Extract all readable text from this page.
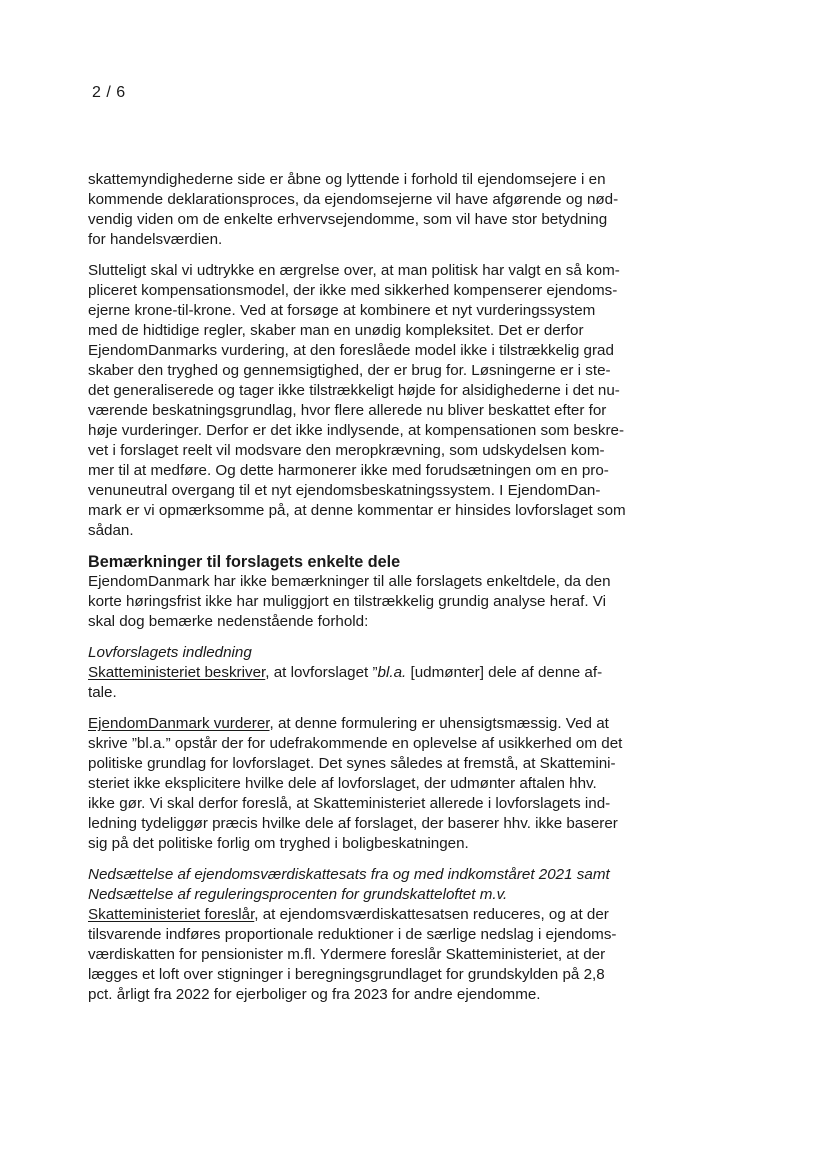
2 / 6
skattemyndighederne side er åbne og lyttende i forhold til ejendomsejere i en
kommende deklarationsproces, da ejendomsejerne vil have afgørende og nød-
vendig viden om de enkelte erhvervsejendomme, som vil have stor betydning
for handelsværdien.
Slutteligt skal vi udtrykke en ærgrelse over, at man politisk har valgt en så kom-
pliceret kompensationsmodel, der ikke med sikkerhed kompenserer ejendoms-
ejerne krone-til-krone. Ved at forsøge at kombinere et nyt vurderingssystem
med de hidtidige regler, skaber man en unødig kompleksitet. Det er derfor
EjendomDanmarks vurdering, at den foreslåede model ikke i tilstrækkelig grad
skaber den tryghed og gennemsigtighed, der er brug for. Løsningerne er i ste-
det generaliserede og tager ikke tilstrækkeligt højde for alsidighederne i det nu-
værende beskatningsgrundlag, hvor flere allerede nu bliver beskattet efter for
høje vurderinger. Derfor er det ikke indlysende, at kompensationen som beskre-
vet i forslaget reelt vil modsvare den meropkrævning, som udskydelsen kom-
mer til at medføre. Og dette harmonerer ikke med forudsætningen om en pro-
venuneutral overgang til et nyt ejendomsbeskatningssystem. I EjendomDan-
mark er vi opmærksomme på, at denne kommentar er hinsides lovforslaget som
sådan.
Bemærkninger til forslagets enkelte dele
EjendomDanmark har ikke bemærkninger til alle forslagets enkeltdele, da den
korte høringsfrist ikke har muliggjort en tilstrækkelig grundig analyse heraf. Vi
skal dog bemærke nedenstående forhold:
Lovforslagets indledning
Skatteministeriet beskriver, at lovforslaget ”bl.a. [udmønter] dele af denne af-
tale.
EjendomDanmark vurderer, at denne formulering er uhensigtsmæssig. Ved at
skrive ”bl.a.” opstår der for udefrakommende en oplevelse af usikkerhed om det
politiske grundlag for lovforslaget. Det synes således at fremstå, at Skattemini-
steriet ikke eksplicitere hvilke dele af lovforslaget, der udmønter aftalen hhv.
ikke gør. Vi skal derfor foreslå, at Skatteministeriet allerede i lovforslagets ind-
ledning tydeliggør præcis hvilke dele af forslaget, der baserer hhv. ikke baserer
sig på det politiske forlig om tryghed i boligbeskatningen.
Nedsættelse af ejendomsværdiskattesats fra og med indkomståret 2021 samt
Nedsættelse af reguleringsprocenten for grundskatteloftet m.v.
Skatteministeriet foreslår, at ejendomsværdiskattesatsen reduceres, og at der
tilsvarende indføres proportionale reduktioner i de særlige nedslag i ejendoms-
værdiskatten for pensionister m.fl. Ydermere foreslår Skatteministeriet, at der
lægges et loft over stigninger i beregningsgrundlaget for grundskylden på 2,8
pct. årligt fra 2022 for ejerboliger og fra 2023 for andre ejendomme.
